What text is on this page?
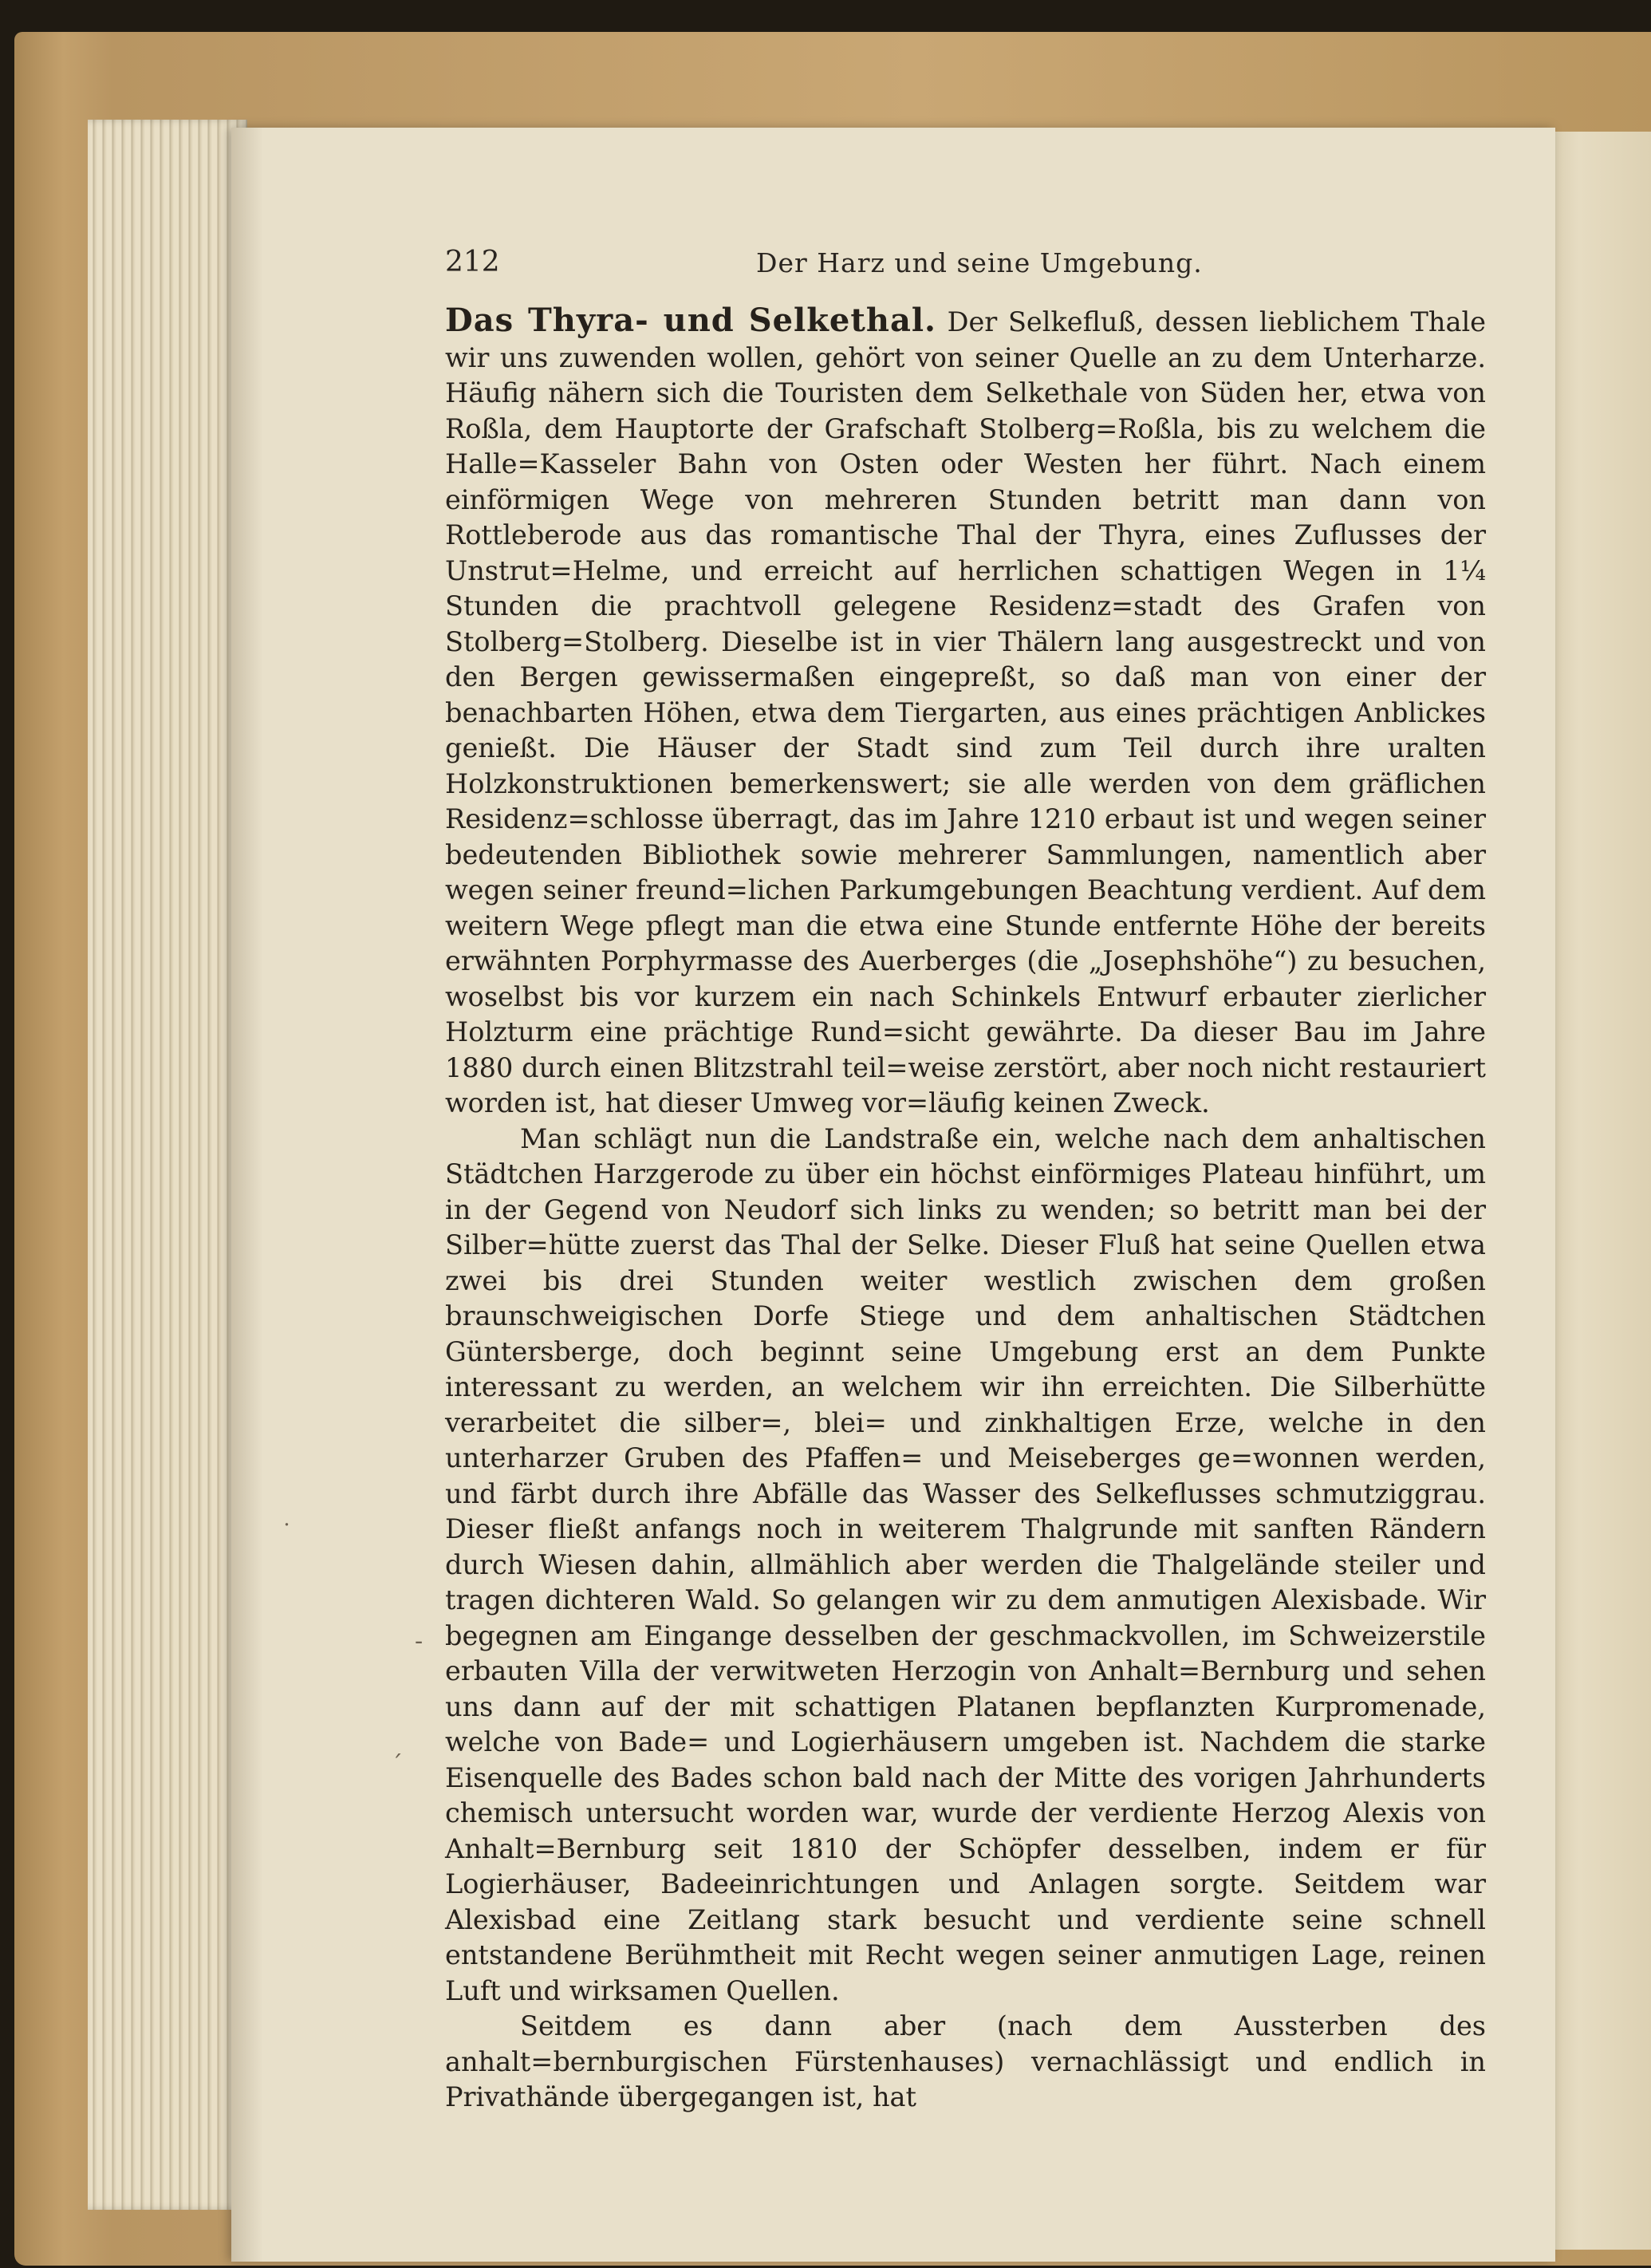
212	Der Harz und seine Umgebung.

Das Thyra- und Selkethal. Der Selkefluß, dessen lieblichem Thale wir uns zuwenden wollen, gehört von seiner Quelle an zu dem Unterharze. Häufig nähern sich die Touristen dem Selkethale von Süden her, etwa von Roßla, dem Hauptorte der Grafschaft Stolberg=Roßla, bis zu welchem die Halle=Kasseler Bahn von Osten oder Westen her führt. Nach einem einförmigen Wege von mehreren Stunden betritt man dann von Rottleberode aus das romantische Thal der Thyra, eines Zuflusses der Unstrut=Helme, und erreicht auf herrlichen schattigen Wegen in 1¼ Stunden die prachtvoll gelegene Residenz=stadt des Grafen von Stolberg=Stolberg. Dieselbe ist in vier Thälern lang ausgestreckt und von den Bergen gewissermaßen eingepreßt, so daß man von einer der benachbarten Höhen, etwa dem Tiergarten, aus eines prächtigen Anblickes genießt. Die Häuser der Stadt sind zum Teil durch ihre uralten Holzkonstruktionen bemerkenswert; sie alle werden von dem gräflichen Residenz=schlosse überragt, das im Jahre 1210 erbaut ist und wegen seiner bedeutenden Bibliothek sowie mehrerer Sammlungen, namentlich aber wegen seiner freund=lichen Parkumgebungen Beachtung verdient. Auf dem weitern Wege pflegt man die etwa eine Stunde entfernte Höhe der bereits erwähnten Porphyrmasse des Auerberges (die „Josephshöhe“) zu besuchen, woselbst bis vor kurzem ein nach Schinkels Entwurf erbauter zierlicher Holzturm eine prächtige Rund=sicht gewährte. Da dieser Bau im Jahre 1880 durch einen Blitzstrahl teil=weise zerstört, aber noch nicht restauriert worden ist, hat dieser Umweg vor=läufig keinen Zweck.

Man schlägt nun die Landstraße ein, welche nach dem anhaltischen Städtchen Harzgerode zu über ein höchst einförmiges Plateau hinführt, um in der Gegend von Neudorf sich links zu wenden; so betritt man bei der Silber=hütte zuerst das Thal der Selke. Dieser Fluß hat seine Quellen etwa zwei bis drei Stunden weiter westlich zwischen dem großen braunschweigischen Dorfe Stiege und dem anhaltischen Städtchen Güntersberge, doch beginnt seine Umgebung erst an dem Punkte interessant zu werden, an welchem wir ihn erreichten. Die Silberhütte verarbeitet die silber=, blei= und zinkhaltigen Erze, welche in den unterharzer Gruben des Pfaffen= und Meiseberges ge=wonnen werden, und färbt durch ihre Abfälle das Wasser des Selkeflusses schmutziggrau. Dieser fließt anfangs noch in weiterem Thalgrunde mit sanften Rändern durch Wiesen dahin, allmählich aber werden die Thalgelände steiler und tragen dichteren Wald. So gelangen wir zu dem anmutigen Alexisbade. Wir begegnen am Eingange desselben der geschmackvollen, im Schweizerstile erbauten Villa der verwitweten Herzogin von Anhalt=Bernburg und sehen uns dann auf der mit schattigen Platanen bepflanzten Kurpromenade, welche von Bade= und Logierhäusern umgeben ist. Nachdem die starke Eisenquelle des Bades schon bald nach der Mitte des vorigen Jahrhunderts chemisch untersucht worden war, wurde der verdiente Herzog Alexis von Anhalt=Bernburg seit 1810 der Schöpfer desselben, indem er für Logierhäuser, Badeeinrichtungen und Anlagen sorgte. Seitdem war Alexisbad eine Zeitlang stark besucht und verdiente seine schnell entstandene Berühmtheit mit Recht wegen seiner anmutigen Lage, reinen Luft und wirksamen Quellen.

Seitdem es dann aber (nach dem Aussterben des anhalt=bernburgischen Fürstenhauses) vernachlässigt und endlich in Privathände übergegangen ist, hat

˙
-
ˊ
